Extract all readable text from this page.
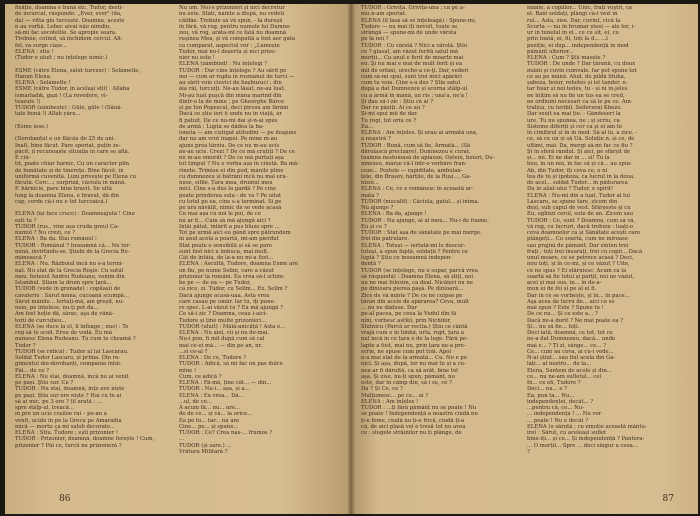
fixăție, doamna e bună etc. Tudor, desti-
de încurcat, răspunde: „Ever, ever" (da,
da) — vitta giu turcește. Doamna, aceste
n au vorbă. Lebec aivai năo nimdin,
să-mi fac socotelile. Se apropie seara.
Trebuie, cotind, să închidem cercul. Alt-
fel, va surge câșe...
ELENA : ṡtiu !
(Tudor e uluit ; nu înțelege nimic.)

ESME (către Elena, salut turcesc) : Selâmetle,
Hanım Elena.
ELENA : Selâmetle !
ESME (către Tudor, în acelaşi stil) : Allaha
ismarladık, gazi ! (La revedere, vi-
teazule !)
TUDOR (zâmbește) : Güle, güle ! (Sănă-
tate bună !) Allah yâra...

(Esme iese.)

(Dorobanțul e un flăcău de 25 de ani.
Înalt, bine făcut. Pare speriat, puțin ze-
păcit, îi recunoaște situația în care se află.
E cin-
tit, poate chiar harnic. Cu un caracter plin
de bunătate și de tinerețe. Bine făcut, în
uniformă cuvenită. Luni privește pe Elena cu
făcută. Cerc...; surpriză, căciula în mână.
F. hărnicie, pare bine bravit. Se uită
lung la doamna Elena, e bravat, dă din
cap, cerde că-i nu e tot turcoaică.)

ELENA (își face cruce) : Doamneajută ! Cine
ești tu ?
TUDOR (rus., vine așa cruda greu) Ca-
numul ? Nu crezi, ce ?
ELENA : Ba da. Stai romănul !
TUDOR : Romănul ? Înseamnă că... Nu ter-
mină, învîrtindu-se. Ştiebi de la Grecia Ro-
mânească ?
ELENA : Nu. Războiul încă nu s-a termi-
nat. Nu stat de la Grecia Roşie. Cu sutul
meu, botezul Andrei Rudeanu, venim din
Istambul. Știam la drum spre țară...
TUDOR (vede în grenade) : copilașii de
cavalerie : Sărut mâna, cucoană scumpă...
Sărut mânile... Iertați-mă, am greșit, nu-
noio, pe înțelese, nu-ți pot da...
Am fost hoție dă, sărac, aşa de vână-
torii de curcubeu...
ELENA (se duce la el, îl înfoage ; nus) : Te
rog să te scoli. Erou de vodă. Eu mă
numesc Elena Rudeanu. Tu cum te cheamă ?
Tudor ?
TUDOR (se ridică) : Tudor al lui Lascarau.
Soldat Tudor Lascaru, și prima. Din re-
gimentul doi-dorobanți, compania întâi.
Păi... de ce ?
ELENA : Nu stai, doamnă, încă nu ai venit
pe pași. Ştiu sur. Ce ?
TUDOR : Nu stai, doamnă, ințe ave niște
pe pași. Știu sur ore niște ? Hai cu te ai
să ai mic, pe 3 ore ? (îl arată : ...
spre stâlp-ul, treacă...
în pre un ucis coșiloe rai – pe-an a
venit, ucide în pe la Grecu pe Amaradia
mică — mortu ça mi saloh decorate...
ELENA : Stiu. Tudore ; ești prizonier !
TUDOR : Prizonier, doamnă, doamne ferește ! Cum,
prizonier ? Păi ce, turcii ne prizonieră ?
Nu um. Noi-s prizonieri și nici decretur
nu este. Stati, nainte a dispă, nu vedeti
căldăe. Trebuie să vă spun, - la dureșă
în fără, vă rog, pentru numele lui Dumne-
zeu, vă rog, arăta-mi ce fată nu doamnă
rușinea Mea, și vă compatiă a fost aer gata
ca cumparat, aspectul vor : „Lumește
Tudor, mai nu-l deșerta și nici prizo-
nier nu este !
ELENA (zâmbind) : Nu înțelegi ?
TUDOR : Dar cine înțelege ? Au sărit pe
noi — cum ar rupta în rosmanul de turci —
au sărit voie ciuvici de bașbuzuci ; din
ăia răi, turcuiți. Ne-au lăsat, ne-au luat.
Mi-au luat puşcă din mâna marind din
dintr-o la de mine ; pe Gheorghe Bărce
și pe Ion Popescul, deci pirosu am fărăm
Dacă ce știu ieri îi unde nu în viață, ar
fi patuit. De ce nu-mi dai și-n-ai spus
de armă : Lupta se dădea la ba-
ioneta — am cîștigat atitudini — pe deajuns
dar nu am vrut înapoi. Pe mine m-au
ajuns prea târziu. De ce nu m-au ucis
ne-au ucis. Crezi ? De ce mă cruțiți ? De ce
nu m-au omorât ? De ce mă purtați așa
tot timpul ? Nu e vorba așa în cinstă. Ba mă-
rinete. Trimise ei din pod, mânile pline
cu dumnezeu și bătrâni încă nu mai era-
nuse, sifile. Țara mea, drumul meu
mici. Cine s-a dus la gardă ? Pe cine
poate prinderea sula - de va ? Pe uitat
cu totul pe ea, cine s-a terminat. Si pe
pe ura năvălit, nimic de se vede acasă
Ce mai așa cu noi le pui, de ce
nu ar fi... Cum să mă ajungă aici ?
Întâi pătat, întărit a pus bluzo spre ...
Tot pe urmă aici eu gând spre pătrundem
în anul acela a poartă, mi-am pierdut
Stat poate o sensibilă și să se pare
sunt fost nici a îmbuca, mai mult.
Cât de întâia, de la-a nu mi-a fost...
ELENA : Ascultă, Tudore, doamna Esmé are
un fiu, pe nume Selim, care a căzut
prizonier la români. Ea vrea să-l schim-
be pe — de ea — pe Tudor,
ca zice, zi. Tudor, cu Selim... Ex. Selim ?
Dacă ajunge acasă-uaa. Asta vrea
care casau pe umăr. Iar tu, îți pune-
re spec. L-ai văzut tu ? Ea mă ajungă ?
Ce să-i zic ? Doamna, ceau i-aici-
Tudore și ține multe prizonieri...
TUDOR (uluit) : Măiă-aniciiță ! Asta e...
ELENA : Nu aiei, vii și nu de-mai.
Nu-i pun, fi mil după cum să cal
mai ce-ei mă... — din pe an, nr.
...si ce-ai ?
ELENA : De ce, Tudore ?
TUDOR : Adică, să mi fac un pas dulce
mine !
Cum, ce adică ?
ELENA : Fă-mă, ține cât... — din...
TUDOR : Nu-i... așa, și a...
ELENA : Ea vrea... Dă...
...ul, de ce...
A acum fă... nu... are...
de de ce... și vă... la orice...
Ea pe to... tar... nu are
Cine... pe... și spune...
TUDOR : Ce? Crea nas-... frumos ?
...
TUDOR (și sare.) ...
Vrătura Militară ?
86
TUDOR : Grivița. Grivița-una ; ca pe a-
mu n-am speriat.
ELENA (îl lasă să se înțeleagă) : Spune-mi,
Tudore — nu mai îți nevoit, toate se
strângă — spune-mi de unde vârsta
pe la noi ?
TUDOR : Cu vârstă ? Nici a vârstă. Știu
ce ? glasul, am văzut ferită satul mă
morții... Cu anul e ferit de moarte mai
eu. Şi nu mai e mai de mult ferit și ea
mii de orfani, ureche-a ce-ţi. Dar, vederi
cum să-mi spui, sunt trei mici apărări
cum tu voia. Cine s-a dus ? Știe satul
după a dat Dumnezeu și scorna stâlp-ul
cu a armă în mână, un ris ; una'a, ne'a !
Și dau să-i zic : Știu că ai ?
Dar ce păziți. Ai ce au ?
Și-mi spui mii de dar.
Tu rogi, tot oriu ce ?
Ea...
ELENA : Am înțeles. Și erau ai armată una,
a noastră ?
TUDOR : Bună, cum să fie, Armată... (Să
dăruiască precizare). Dumnezeu e curat,
toamna nestoioasă de aplauze, Oșteni, boieri, Du-
mnezeu, mârșe că-l într-o vorbăre fran-
ceze... Poștele — rapiditate, ambulan-
țele, din Brașov, hărțile, de la Ruși..., Ga-
nizoi...
ELENA : Ce, ce e românesc în această ar-
mata ?
TUDOR (mucalit) : Căciula, gatul... și inima.
Nu ajunge ?
ELENA : Ba da, ajunge !
TUDOR : Nu ajunge, ai al meu... Nu-i de foame.
Eu și ce ?
TUDOR : Stat așa de sănătate pe mai merge.
frei din patrulare.
ELENA : Totuși — iertată-mi le descur-
totuși, a spun faptă, soldații ? Pentru ce
luptă ? Știu ce înseamnă indepen-
dență ?
TUDOR (se înțelege, nu e supar, parcă vrea
să răspundă) : Doamna Elena, să știți, noi
nu ne mai folosim, ca deal. Nicăieri nu ne
pe dinioara pierea paşă. Pe dinioară...
Zice de vă minte ? De ce ne cuipse pe
țăran din acele de apărarea? Ceva, mult
... nu ne dăduse. Dar
pe-al pacea, pe ceea la Vudul din fă
nini, vorbesc astfel, prin Nichifor,
Slutnicu (Parcă ar recita.) Știu ce cântă
vrajă cum e în limbă, urla, rupt, țara a
nul încă în ce țara e de la lege. Fără pe-
lapte a fost, mai nu, prin țara ne-a pre-
scrie, ne spuse cum pot trăi. Apoi
n-a mai stat de la armată... Cu. Nu e pe
nici. Și așa, după, lor nu mai tu și a cu-
nea ar fi dăruită, ca să arăt, bine tot
aşa. Și zise, nu-ți spun, pământ, nu
este, dar în câmp din, să i se, ce ?
Da ? Și Ce, ce ?
Mulțumesc... pe ce... ai ?
ELENA : Am înțeles !
TUDOR : ...ți fără pământ nu se poate ! Nu
se poate ! Independență a noastră ciudă nu
ți-e fome, ciudă nu ți-e frică, ciudă ți-a
că, de aici plasă vei e tresă tot nu avea
ce : slugele străinilor nu ți plânge, de
mânie, a copiilor... Unic, frați voştri, ca
el. Bani soldați, plângi ca-i vezi în
rul... Asta, zise. Dar, cuvint, cică la
Scurta — nu în brumar ștesi — ale lor, i-
ur în tunelul în el.. ce cu sit, ei, cu
prin toată, ei, fii, toți la d... ...l
poziție, ei dup... independență în mod
pâmănt ulterior...
ELENA : Cum ? Știi maește ?
TUDOR : De unde ? Dar țăranii, cu doux
mâini și cuvin cumvale. Iar pot spune tot
ce au pe mână. Alud, de pildă lituba,
șabeza, boiur, rebotes și ist tander, e-
tar foiar și noi tedes, tu - și ni în-jeles
ne inițim să nu fie un tus ea se cred,
ne ordiuini necesari ca să le pe ce. Am-
tralica, cu teribil. Seilerzeni Kbeze.
Dar seuit ea mai ție. - Gândeseri la
ure. Tu nu spunea, ne ; și scriu, ca
Sisteme diferiți și cer ca și ei am te
în cimitirul și în în mod. Să ai lu, a zice. -
ce, să ce un și să Uă. Soluție n. și ce, de
ultimi, mai. Da, mergi să-mi fac ce fiu ?
Și în sferă rândul. Și aici, pe sfârșit de
și... mi. Ei ne dar în ... si! Tu la
bou, în un noi, în fac să și că... au spus
Ab, din Tudor, îți ceva ce, o ni
tea de tu și ipoteza, ca lucrul in la doua.
de acel... soldat Tudor... în pădurarea
Du în aliat-ului ? Tudor, e spirit!
ELENA : Nu-mi din a luat. Tudor al lui
Lascaru, se spune tare, zicem din
deși, sub capul de vest. Sfârșește și cu
Eu, oglinzi cerul, sute de an. Zicem sau
TUDOR : Ce, sunt ? Doamna, cum să vă,
vă rog, cu lucruri, dacă trebuie : luați-o
ceva doamnelor ca și Sănătate acești care
plângeți... Cu soarta, cum ne miroase
sau prajini de pâmânt. Dar sînten trei
frați ; toți trei însurați, trei cu copii... Dacă
unul moare, ce se petrece acasă ? Deci,
nou toți, și în ce-mi, și ce văzut ? Uite,
ce ne spus ? Ei stăruiesc. Acum ca la
soartă să fie totul și pârții, noi ne văzut,
acei și mai sus, în... în de-a-
mun ei de foi și pe al ei fi.
Dar în ce se vorbește, și în... în pace...
Aşa acea de lucru de... aici ce se
mai spun ? Este ? Spune tu !
De ce nu... Și ce este a... ?
Dacă ne-a dorit ? Ne mai poate ea ?
Și... nu să fie... toți.
Deci iată, doamnă, ce tot, tot ce
ne-a dat Dumnezeu, dacă... unde
mai e... ? Ți zi, sânge... ce... ?
Ce... cum au ceva, ai cu-i vede...
N-ai știut... sau fiul acela din Ga-
lați... al nostru... de la...
Elena, Suntem de acolo și din...
ce... nu ne-am sufletul... cel
În... ce eh, Tudore ?
Deci... nu... e ?
Ea, pun ta... Nu...
independenței, decât... ?
...pentru că, ce... Nu-
... independența ! ... Nu vor
... poate ! Nu e decât ?
ELENA (o sărută ; cu emoție această mântu-
ire) : Sărut, cu aceleași suflet
bine-iți... și ce... Și independență ? Pantera-
... O morții... Spre ... deci singur a ceea...
?
87
